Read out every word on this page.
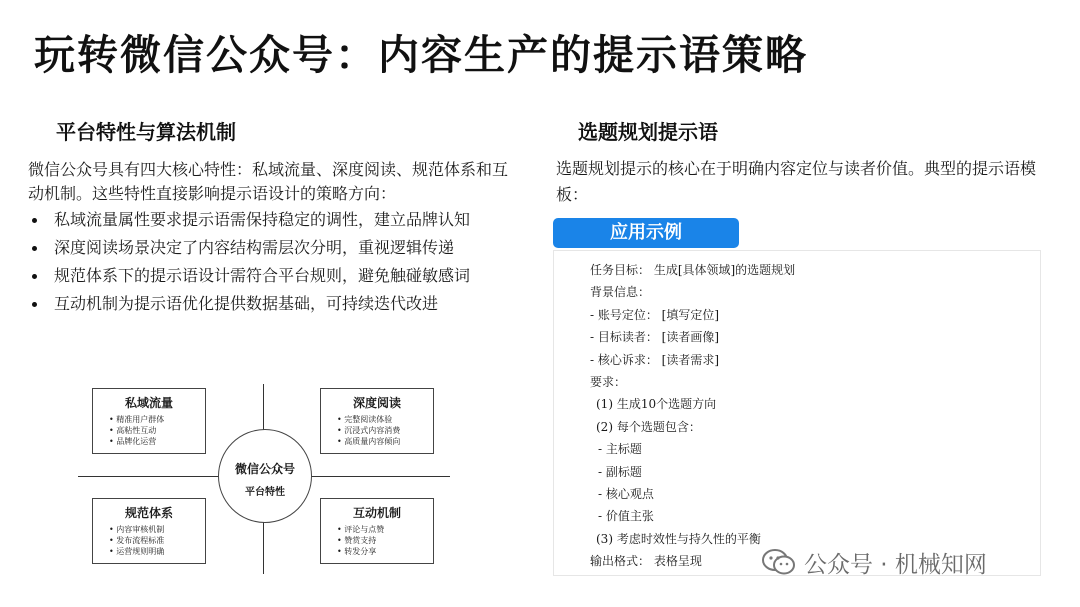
玩转微信公众号：内容生产的提示语策略
平台特性与算法机制
微信公众号具有四大核心特性：私域流量、深度阅读、规范体系和互动机制。这些特性直接影响提示语设计的策略方向：
私域流量属性要求提示语需保持稳定的调性，建立品牌认知
深度阅读场景决定了内容结构需层次分明，重视逻辑传递
规范体系下的提示语设计需符合平台规则，避免触碰敏感词
互动机制为提示语优化提供数据基础，可持续迭代改进
私域流量
• 精准用户群体
• 高粘性互动
• 品牌化运营
深度阅读
• 完整阅读体验
• 沉浸式内容消费
• 高质量内容倾向
规范体系
• 内容审核机制
• 发布流程标准
• 运营规则明确
互动机制
• 评论与点赞
• 赞赏支持
• 转发分享
微信公众号
平台特性
选题规划提示语
选题规划提示的核心在于明确内容定位与读者价值。典型的提示语模板：
应用示例
任务目标： 生成[具体领域]的选题规划
背景信息：
- 账号定位： [填写定位]
- 目标读者： [读者画像]
- 核心诉求： [读者需求]
要求：
(1) 生成10个选题方向
(2) 每个选题包含：
- 主标题
- 副标题
- 核心观点
- 价值主张
(3) 考虑时效性与持久性的平衡
输出格式： 表格呈现	公众号 · 机械知网
